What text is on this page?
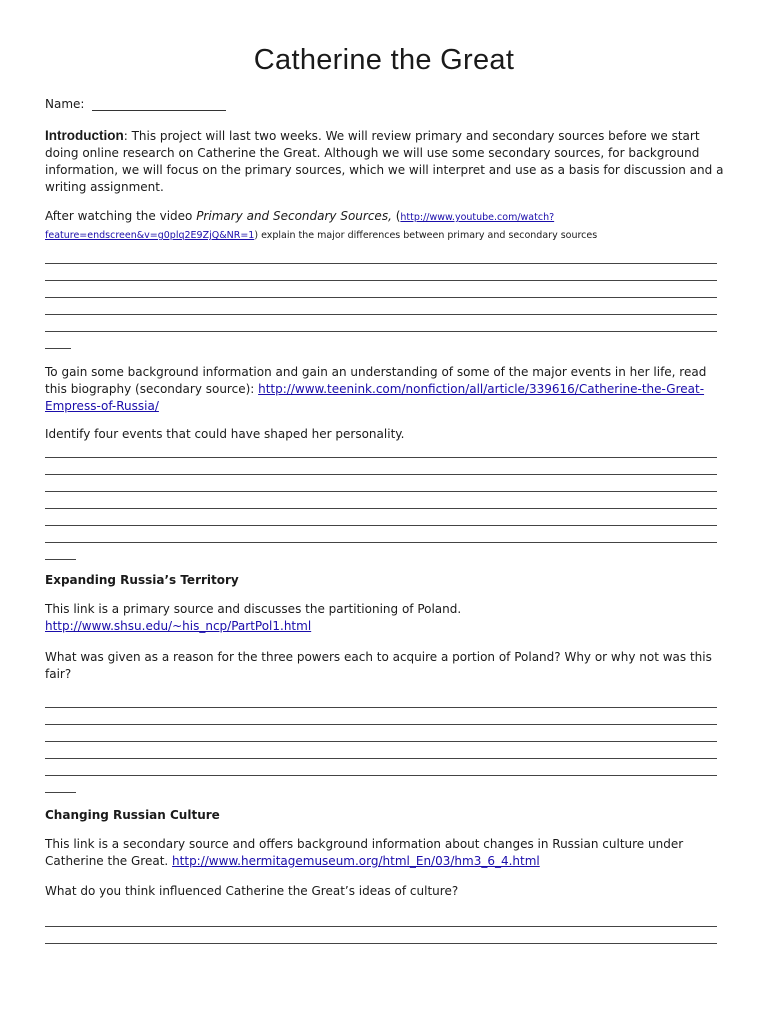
Catherine the Great
Name:

Introduction: This project will last two weeks. We will review primary and secondary sources before we start doing online research on Catherine the Great. Although we will use some secondary sources, for background information, we will focus on the primary sources, which we will interpret and use as a basis for discussion and a writing assignment.

After watching the video Primary and Secondary Sources, (http://www.youtube.com/watch?feature=endscreen&v=g0plq2E9ZjQ&NR=1) explain the major differences between primary and secondary sources

To gain some background information and gain an understanding of some of the major events in her life, read this biography (secondary source): http://www.teenink.com/nonfiction/all/article/339616/Catherine-the-Great-Empress-of-Russia/

Identify four events that could have shaped her personality.
Expanding Russia’s Territory

This link is a primary source and discusses the partitioning of Poland.
http://www.shsu.edu/~his_ncp/PartPol1.html

What was given as a reason for the three powers each to acquire a portion of Poland? Why or why not was this fair?
Changing Russian Culture

This link is a secondary source and offers background information about changes in Russian culture under Catherine the Great. http://www.hermitagemuseum.org/html_En/03/hm3_6_4.html

What do you think influenced Catherine the Great’s ideas of culture?
